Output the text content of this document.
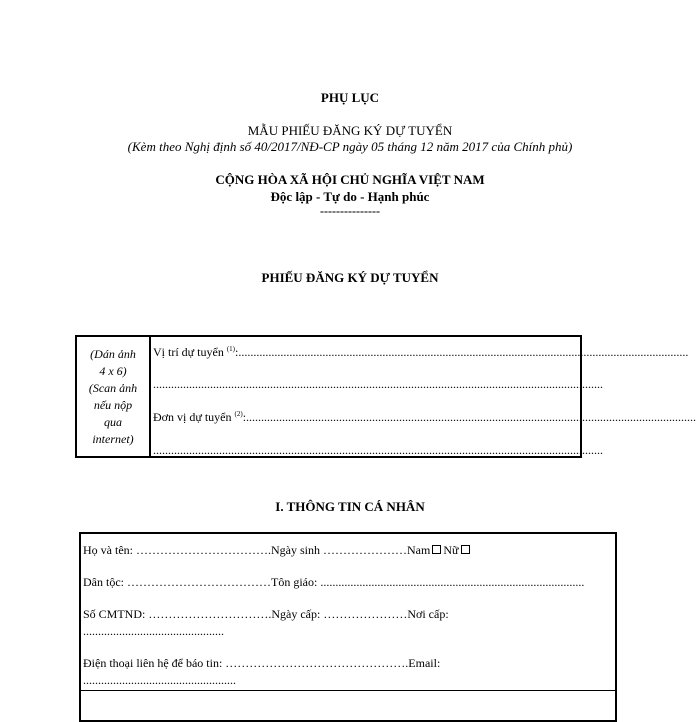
PHỤ LỤC
MẪU PHIẾU ĐĂNG KÝ DỰ TUYỂN
(Kèm theo Nghị định số 40/2017/NĐ-CP ngày 05 tháng 12 năm 2017 của Chính phủ)
CỘNG HÒA XÃ HỘI CHỦ NGHĨA VIỆT NAM
Độc lập - Tự do - Hạnh phúc
---------------
PHIẾU ĐĂNG KÝ DỰ TUYỂN
(Dán ảnh
4 x 6)
(Scan ảnh
nếu nộp
qua
internet)
Vị trí dự tuyển $^{(1)}$:......................................................................................................................................................
......................................................................................................................................................
Đơn vị dự tuyển $^{(2)}$:......................................................................................................................................................
......................................................................................................................................................
I. THÔNG TIN CÁ NHÂN
Họ và tên: …………………………….Ngày sinh …………………Nam Nữ
Dân tộc: ………………………………Tôn giáo: ........................................................................................
Số CMTND: ………………………….Ngày cấp: …………………Nơi cấp:
...............................................
Điện thoại liên hệ để báo tin: ……………………………………….Email:
...................................................
